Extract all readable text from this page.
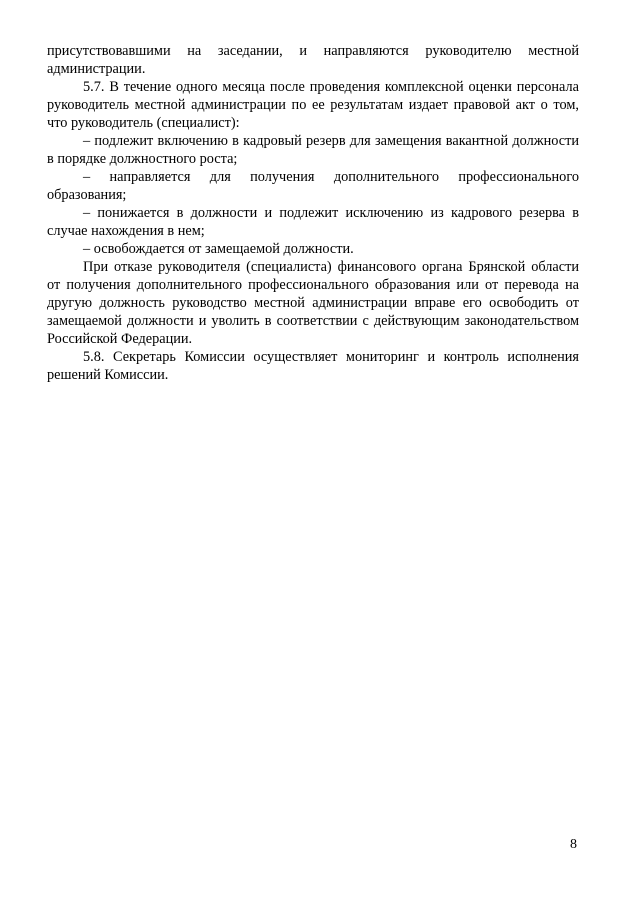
присутствовавшими на заседании, и направляются руководителю местной администрации.

5.7. В течение одного месяца после проведения комплексной оценки персонала руководитель местной администрации по ее результатам издает правовой акт о том, что руководитель (специалист):

– подлежит включению в кадровый резерв для замещения вакантной должности в порядке должностного роста;

– направляется для получения дополнительного профессионального образования;

– понижается в должности и подлежит исключению из кадрового резерва в случае нахождения в нем;

– освобождается от замещаемой должности.

При отказе руководителя (специалиста) финансового органа Брянской области от получения дополнительного профессионального образования или от перевода на другую должность руководство местной администрации вправе его освободить от замещаемой должности и уволить в соответствии с действующим законодательством Российской Федерации.

5.8. Секретарь Комиссии осуществляет мониторинг и контроль исполнения решений Комиссии.

8
